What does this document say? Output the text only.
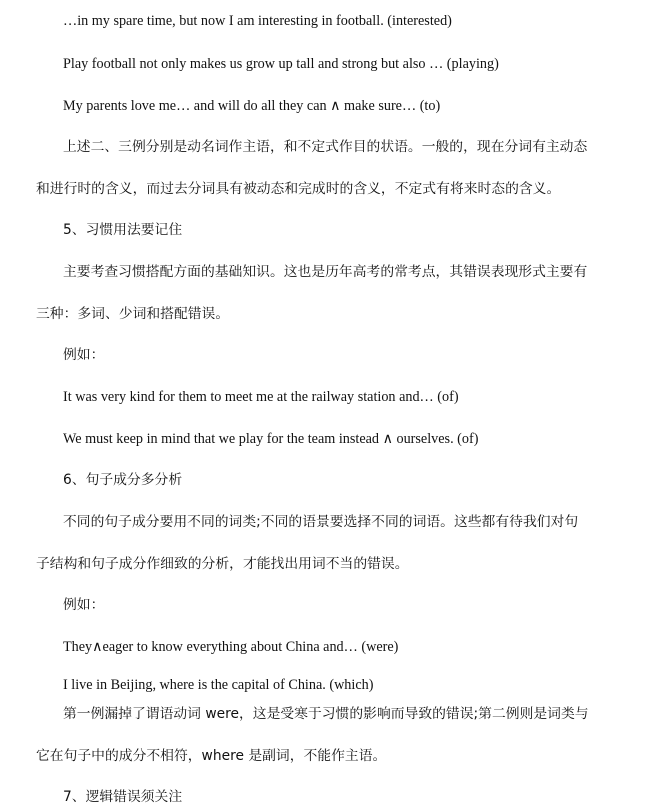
…in my spare time, but now I am interesting in football. (interested)
Play football not only makes us grow up tall and strong but also … (playing)
My parents love me… and will do all they can ∧ make sure… (to)
上述二、三例分别是动名词作主语，和不定式作目的状语。一般的，现在分词有主动态
和进行时的含义，而过去分词具有被动态和完成时的含义，不定式有将来时态的含义。
5、习惯用法要记住
主要考查习惯搭配方面的基础知识。这也是历年高考的常考点，其错误表现形式主要有
三种：多词、少词和搭配错误。
例如：
It was very kind for them to meet me at the railway station and… (of)
We must keep in mind that we play for the team instead ∧ ourselves. (of)
6、句子成分多分析
不同的句子成分要用不同的词类;不同的语景要选择不同的词语。这些都有待我们对句
子结构和句子成分作细致的分析，才能找出用词不当的错误。
例如：
They∧eager to know everything about China and… (were)
I live in Beijing, where is the capital of China. (which)
第一例漏掉了谓语动词 were，这是受寒于习惯的影响而导致的错误;第二例则是词类与
它在句子中的成分不相符，where 是副词，不能作主语。
7、逻辑错误须关注
